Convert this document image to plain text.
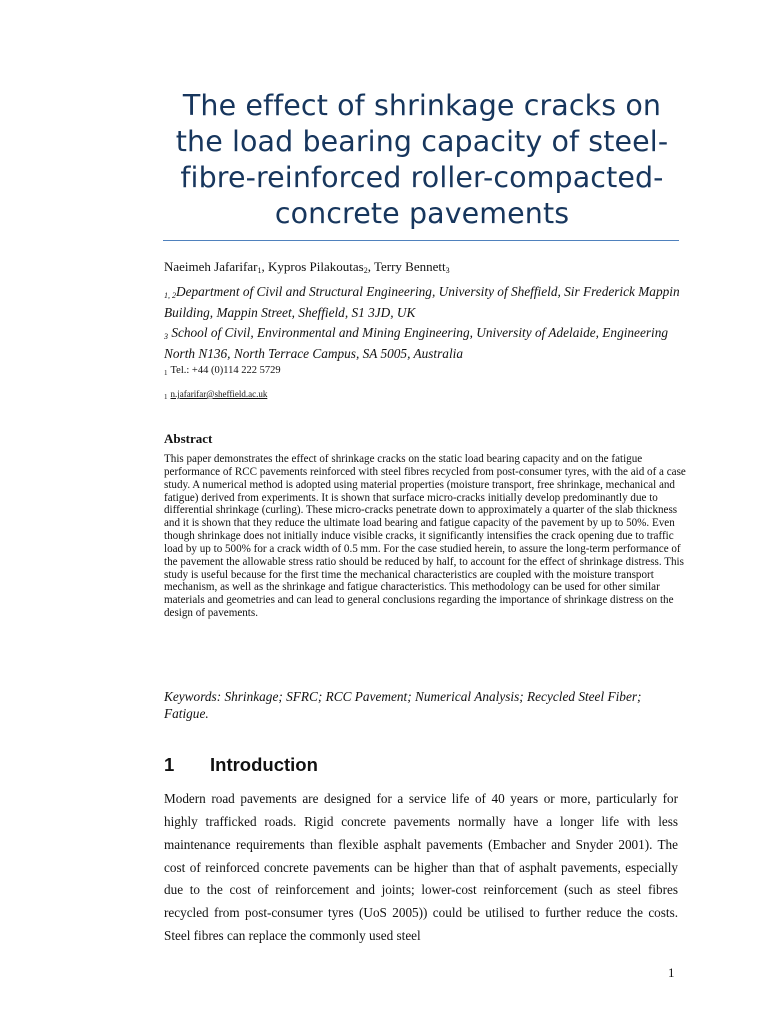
The effect of shrinkage cracks on
the load bearing capacity of steel-
fibre-reinforced roller-compacted-
concrete pavements
Naeimeh Jafarifar$_1$, Kypros Pilakoutas$_2$, Terry Bennett$_3$
1, 2Department of Civil and Structural Engineering, University of Sheffield, Sir Frederick Mappin Building, Mappin Street, Sheffield, S1 3JD, UK
3 School of Civil, Environmental and Mining Engineering, University of Adelaide, Engineering North N136, North Terrace Campus, SA 5005, Australia
1 Tel.: +44 (0)114 222 5729
1 n.jafarifar@sheffield.ac.uk
Abstract
This paper demonstrates the effect of shrinkage cracks on the static load bearing capacity and on the fatigue performance of RCC pavements reinforced with steel fibres recycled from post-consumer tyres, with the aid of a case study. A numerical method is adopted using material properties (moisture transport, free shrinkage, mechanical and fatigue) derived from experiments. It is shown that surface micro-cracks initially develop predominantly due to differential shrinkage (curling). These micro-cracks penetrate down to approximately a quarter of the slab thickness and it is shown that they reduce the ultimate load bearing and fatigue capacity of the pavement by up to 50%. Even though shrinkage does not initially induce visible cracks, it significantly intensifies the crack opening due to traffic load by up to 500% for a crack width of 0.5 mm. For the case studied herein, to assure the long-term performance of the pavement the allowable stress ratio should be reduced by half, to account for the effect of shrinkage distress. This study is useful because for the first time the mechanical characteristics are coupled with the moisture transport mechanism, as well as the shrinkage and fatigue characteristics. This methodology can be used for other similar materials and geometries and can lead to general conclusions regarding the importance of shrinkage distress on the design of pavements.
Keywords: Shrinkage; SFRC; RCC Pavement; Numerical Analysis; Recycled Steel Fiber; Fatigue.
1 Introduction
Modern road pavements are designed for a service life of 40 years or more, particularly for highly trafficked roads. Rigid concrete pavements normally have a longer life with less maintenance requirements than flexible asphalt pavements (Embacher and Snyder 2001). The cost of reinforced concrete pavements can be higher than that of asphalt pavements, especially due to the cost of reinforcement and joints; lower-cost reinforcement (such as steel fibres recycled from post-consumer tyres (UoS 2005)) could be utilised to further reduce the costs. Steel fibres can replace the commonly used steel
1
